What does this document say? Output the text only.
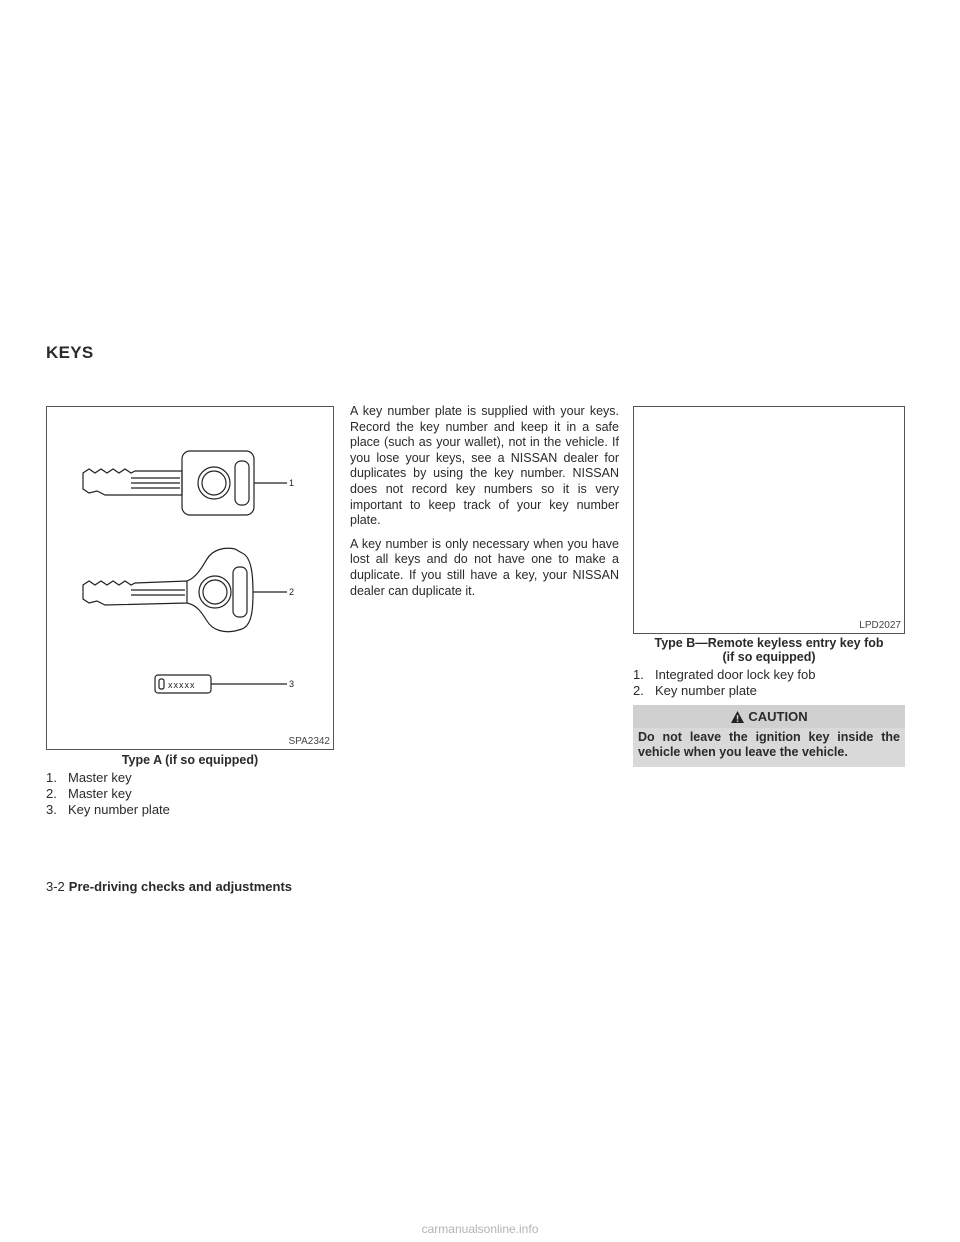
KEYS
xxxxx
1
2
3
SPA2342
Type A (if so equipped)
1. Master key
2. Master key
3. Key number plate

A key number plate is supplied with your keys. Record the key number and keep it in a safe place (such as your wallet), not in the vehicle. If you lose your keys, see a NISSAN dealer for duplicates by using the key number. NISSAN does not record key numbers so it is very important to keep track of your key number plate.

A key number is only necessary when you have lost all keys and do not have one to make a duplicate. If you still have a key, your NISSAN dealer can duplicate it.

LPD2027
Type B—Remote keyless entry key fob
(if so equipped)
1. Integrated door lock key fob
2. Key number plate
CAUTION
Do not leave the ignition key inside the vehicle when you leave the vehicle.
3-2 Pre-driving checks and adjustments
carmanualsonline.info
